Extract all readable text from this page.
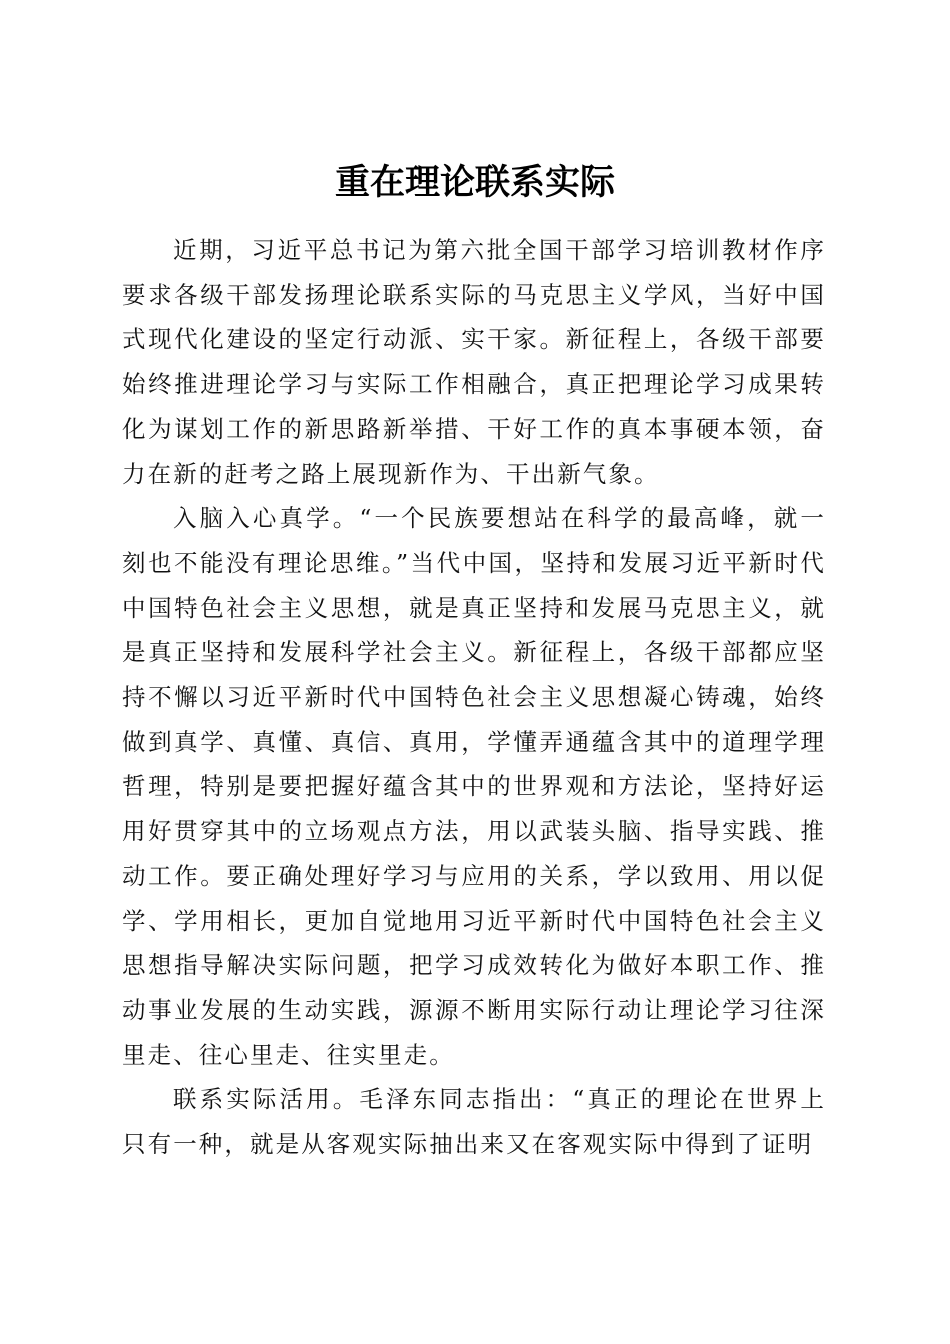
重在理论联系实际

近期，习近平总书记为第六批全国干部学习培训教材作序要求各级干部发扬理论联系实际的马克思主义学风，当好中国式现代化建设的坚定行动派、实干家。新征程上，各级干部要始终推进理论学习与实际工作相融合，真正把理论学习成果转化为谋划工作的新思路新举措、干好工作的真本事硬本领，奋力在新的赶考之路上展现新作为、干出新气象。

入脑入心真学。“一个民族要想站在科学的最高峰，就一刻也不能没有理论思维。”当代中国，坚持和发展习近平新时代中国特色社会主义思想，就是真正坚持和发展马克思主义，就是真正坚持和发展科学社会主义。新征程上，各级干部都应坚持不懈以习近平新时代中国特色社会主义思想凝心铸魂，始终做到真学、真懂、真信、真用，学懂弄通蕴含其中的道理学理哲理，特别是要把握好蕴含其中的世界观和方法论，坚持好运用好贯穿其中的立场观点方法，用以武装头脑、指导实践、推动工作。要正确处理好学习与应用的关系，学以致用、用以促学、学用相长，更加自觉地用习近平新时代中国特色社会主义思想指导解决实际问题，把学习成效转化为做好本职工作、推动事业发展的生动实践，源源不断用实际行动让理论学习往深里走、往心里走、往实里走。

联系实际活用。毛泽东同志指出：“真正的理论在世界上只有一种，就是从客观实际抽出来又在客观实际中得到了证明
